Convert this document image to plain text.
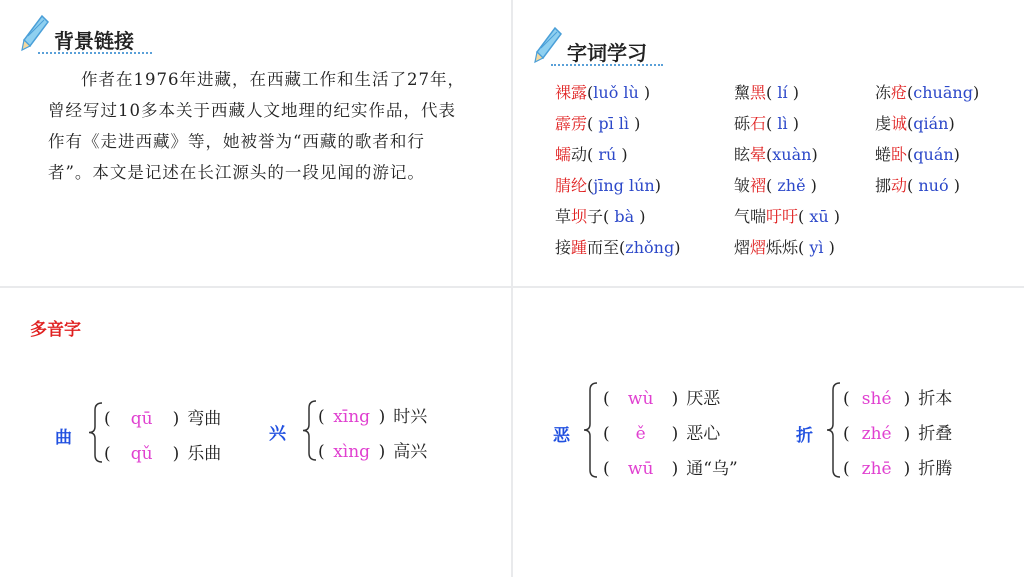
背景链接
作者在1976年进藏，在西藏工作和生活了27年，曾经写过10多本关于西藏人文地理的纪实作品，代表作有《走进西藏》等，她被誉为“西藏的歌者和行者”。本文是记述在长江源头的一段见闻的游记。
字词学习
裸露(luǒ lù )	黧黑( lí )	冻疮(chuāng)
霹雳( pī lì )	砾石( lì )	虔诚(qián)
蠕动( rú )	眩晕(xuàn)	蜷卧(quán)
腈纶(jīng lún)	皱褶( zhě )	挪动( nuó )
草坝子( bà )	气喘吁吁( xū )
接踵而至(zhǒng)	熠熠烁烁( yì )
多音字
曲
( qū ) 弯曲
( qǔ ) 乐曲
兴
( xīng ) 时兴
( xìng ) 高兴
恶
( wù ) 厌恶
( ě ) 恶心
( wū ) 通“乌”
折
( shé ) 折本
( zhé ) 折叠
( zhē ) 折腾
